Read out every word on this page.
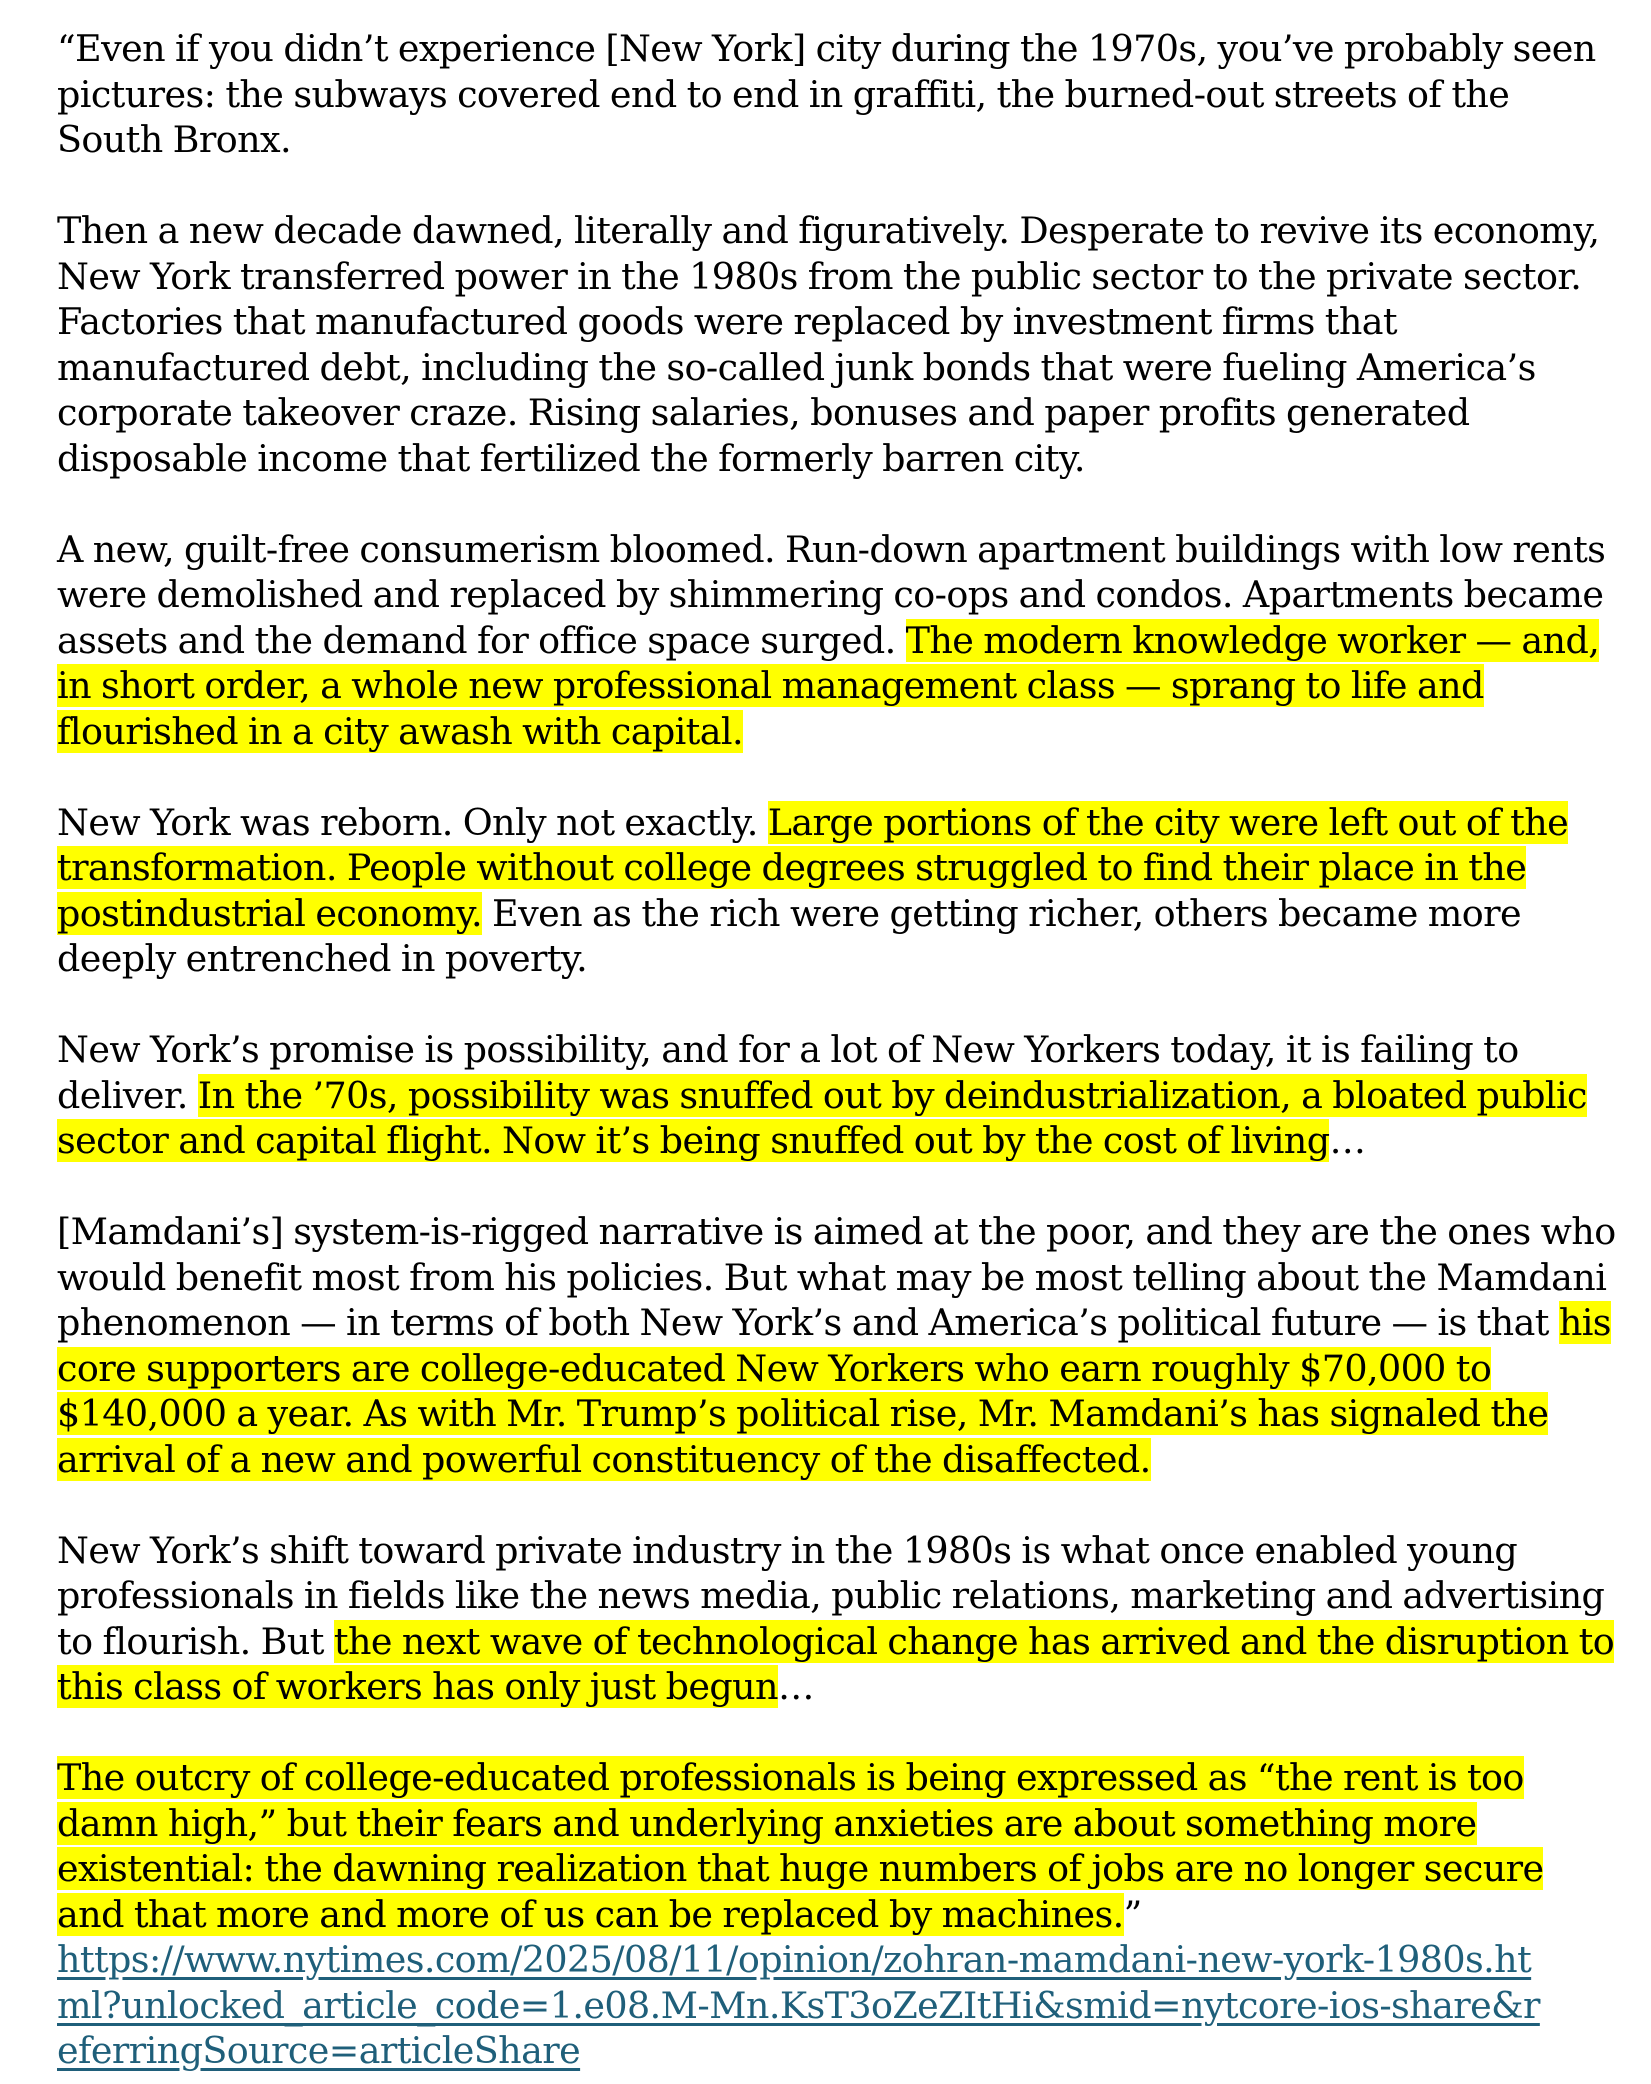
“Even if you didn’t experience [New York] city during the 1970s, you’ve probably seen pictures: the subways covered end to end in graffiti, the burned-out streets of the South Bronx.

Then a new decade dawned, literally and figuratively. Desperate to revive its economy, New York transferred power in the 1980s from the public sector to the private sector. Factories that manufactured goods were replaced by investment firms that manufactured debt, including the so-called junk bonds that were fueling America’s corporate takeover craze. Rising salaries, bonuses and paper profits generated disposable income that fertilized the formerly barren city.

A new, guilt-free consumerism bloomed. Run-down apartment buildings with low rents were demolished and replaced by shimmering co-ops and condos. Apartments became assets and the demand for office space surged. The modern knowledge worker — and, in short order, a whole new professional management class — sprang to life and flourished in a city awash with capital.

New York was reborn. Only not exactly. Large portions of the city were left out of the transformation. People without college degrees struggled to find their place in the postindustrial economy. Even as the rich were getting richer, others became more deeply entrenched in poverty.

New York’s promise is possibility, and for a lot of New Yorkers today, it is failing to deliver. In the ’70s, possibility was snuffed out by deindustrialization, a bloated public sector and capital flight. Now it’s being snuffed out by the cost of living…

[Mamdani’s] system-is-rigged narrative is aimed at the poor, and they are the ones who would benefit most from his policies. But what may be most telling about the Mamdani phenomenon — in terms of both New York’s and America’s political future — is that his core supporters are college-educated New Yorkers who earn roughly $70,000 to $140,000 a year. As with Mr. Trump’s political rise, Mr. Mamdani’s has signaled the arrival of a new and powerful constituency of the disaffected.

New York’s shift toward private industry in the 1980s is what once enabled young professionals in fields like the news media, public relations, marketing and advertising to flourish. But the next wave of technological change has arrived and the disruption to this class of workers has only just begun…

The outcry of college-educated professionals is being expressed as “the rent is too damn high,” but their fears and underlying anxieties are about something more existential: the dawning realization that huge numbers of jobs are no longer secure and that more and more of us can be replaced by machines.”

https://www.nytimes.com/2025/08/11/opinion/zohran-mamdani-new-york-1980s.html?unlocked_article_code=1.e08.M-Mn.KsT3oZeZItHi&smid=nytcore-ios-share&referringSource=articleShare
